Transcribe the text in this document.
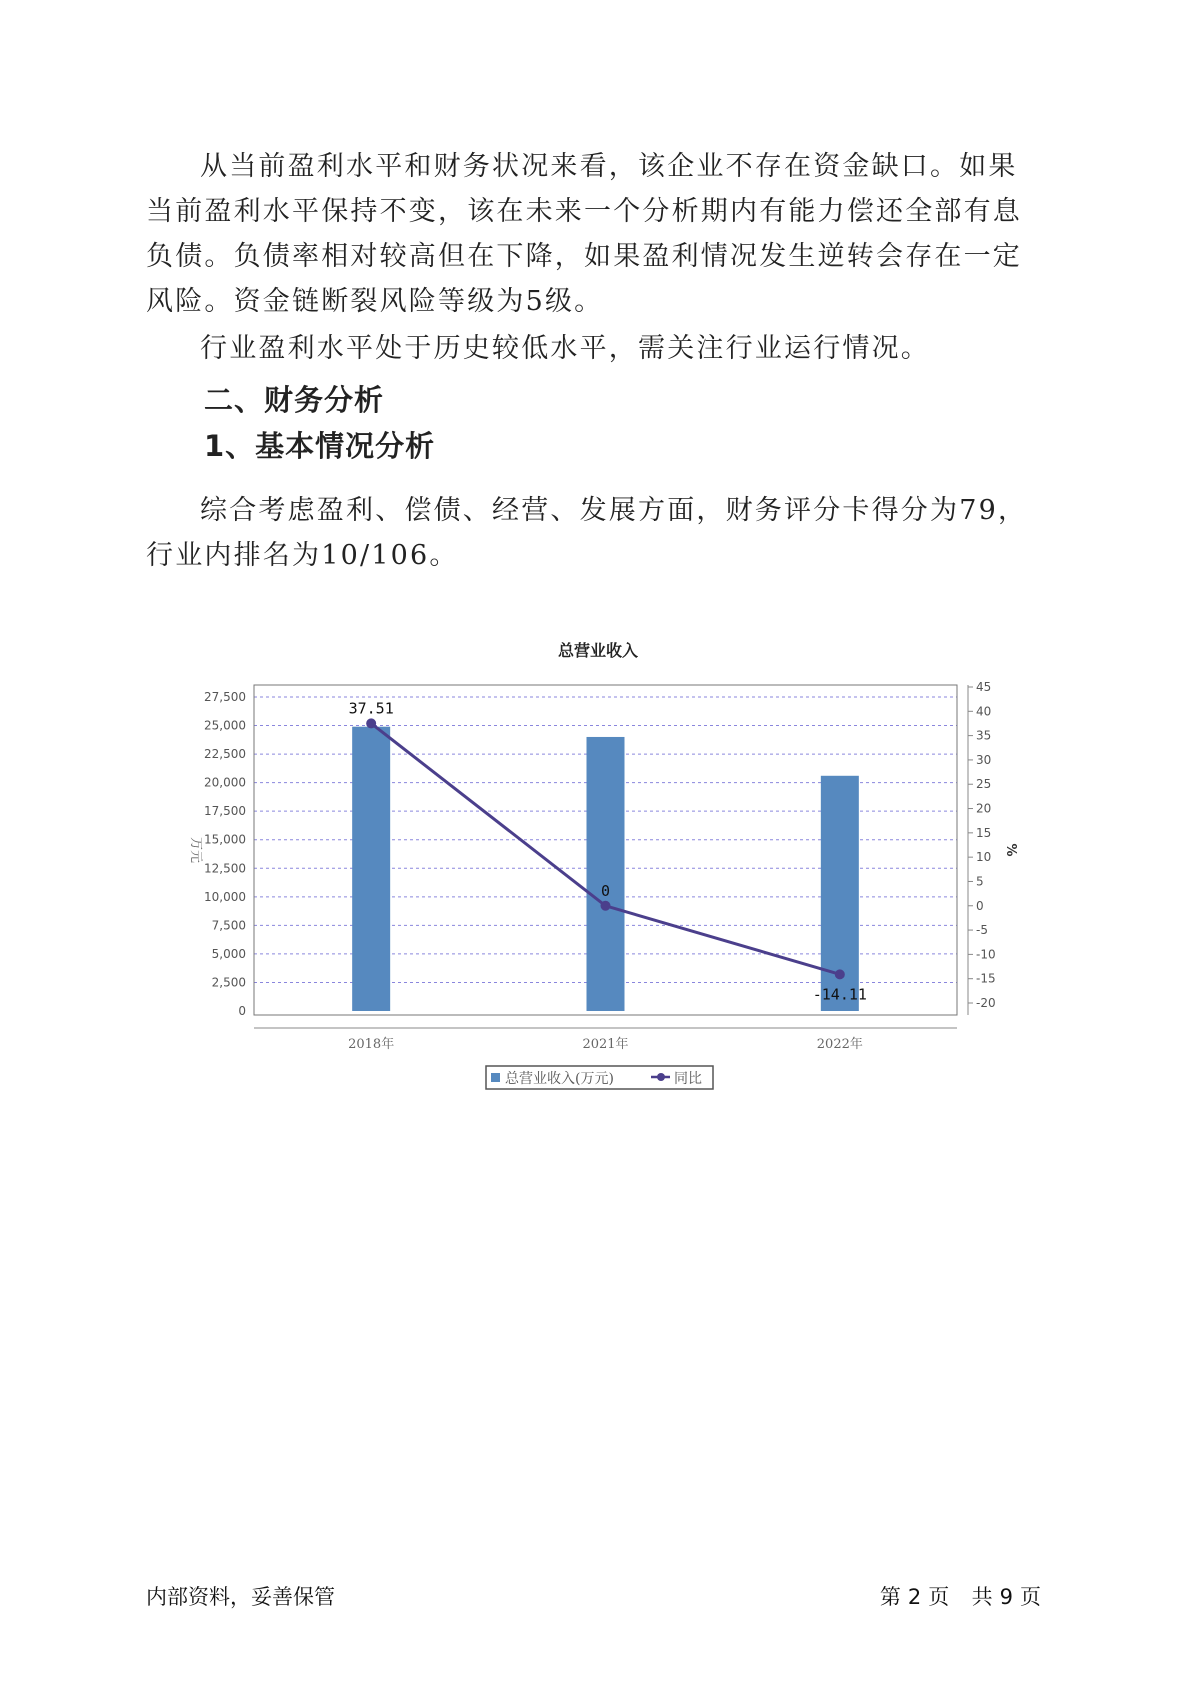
从当前盈利水平和财务状况来看，该企业不存在资金缺口。如果当前盈利水平保持不变，该在未来一个分析期内有能力偿还全部有息负债。负债率相对较高但在下降，如果盈利情况发生逆转会存在一定风险。资金链断裂风险等级为5级。

行业盈利水平处于历史较低水平，需关注行业运行情况。

二、财务分析
1、基本情况分析

综合考虑盈利、偿债、经营、发展方面，财务评分卡得分为79，行业内排名为10/106。

总营业收入
0
2,500
5,000
7,500
10,000
12,500
15,000
17,500
20,000
22,500
25,000
27,500
-20
-15
-10
-5
0
5
10
15
20
25
30
35
40
45
37.51
0
-14.11
2018年	2021年	2022年
万元	%
总营业收入(万元)	同比
内部资料，妥善保管	第 2 页 共 9 页
